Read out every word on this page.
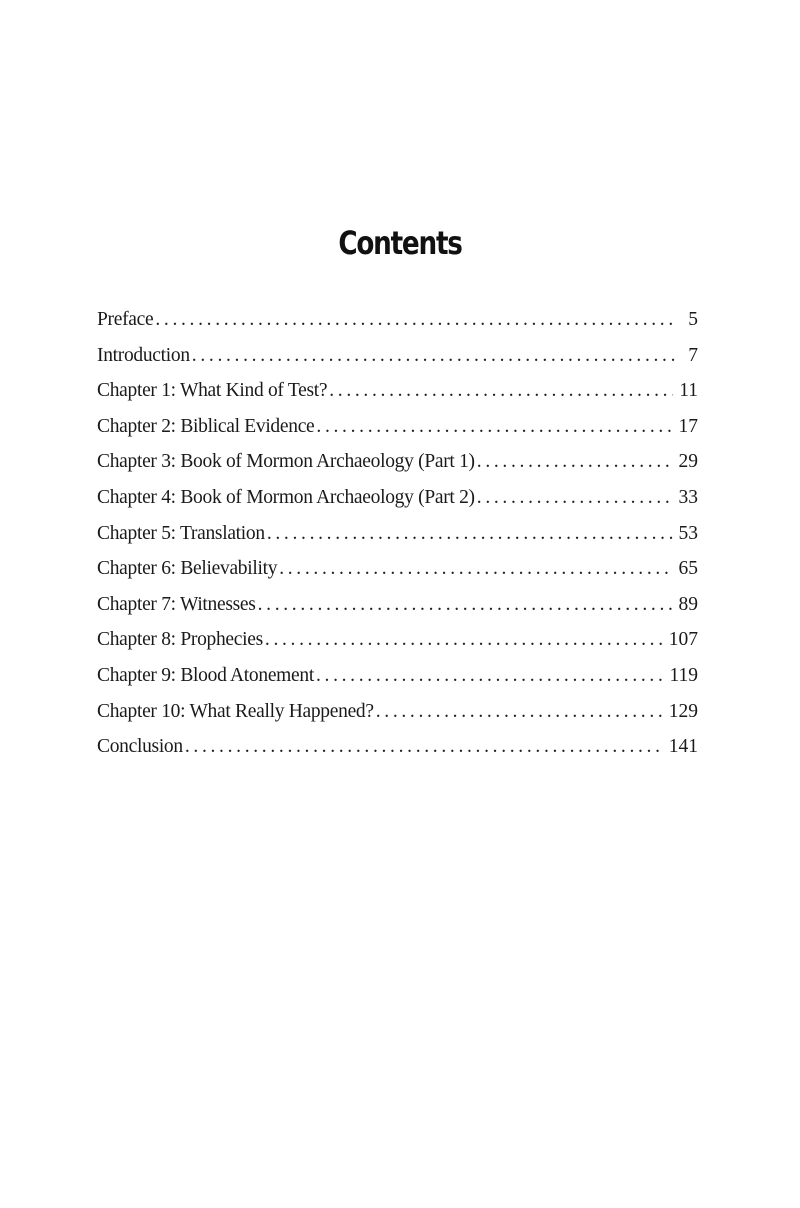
Contents
Preface . . .	5
Introduction . . .	7
Chapter 1: What Kind of Test? . . .	11
Chapter 2: Biblical Evidence . . .	17
Chapter 3: Book of Mormon Archaeology (Part 1) . . .	29
Chapter 4: Book of Mormon Archaeology (Part 2) . . .	33
Chapter 5: Translation . . .	53
Chapter 6: Believability . . .	65
Chapter 7: Witnesses . . .	89
Chapter 8: Prophecies . . .	107
Chapter 9: Blood Atonement . . .	119
Chapter 10: What Really Happened? . . .	129
Conclusion . . .	141
